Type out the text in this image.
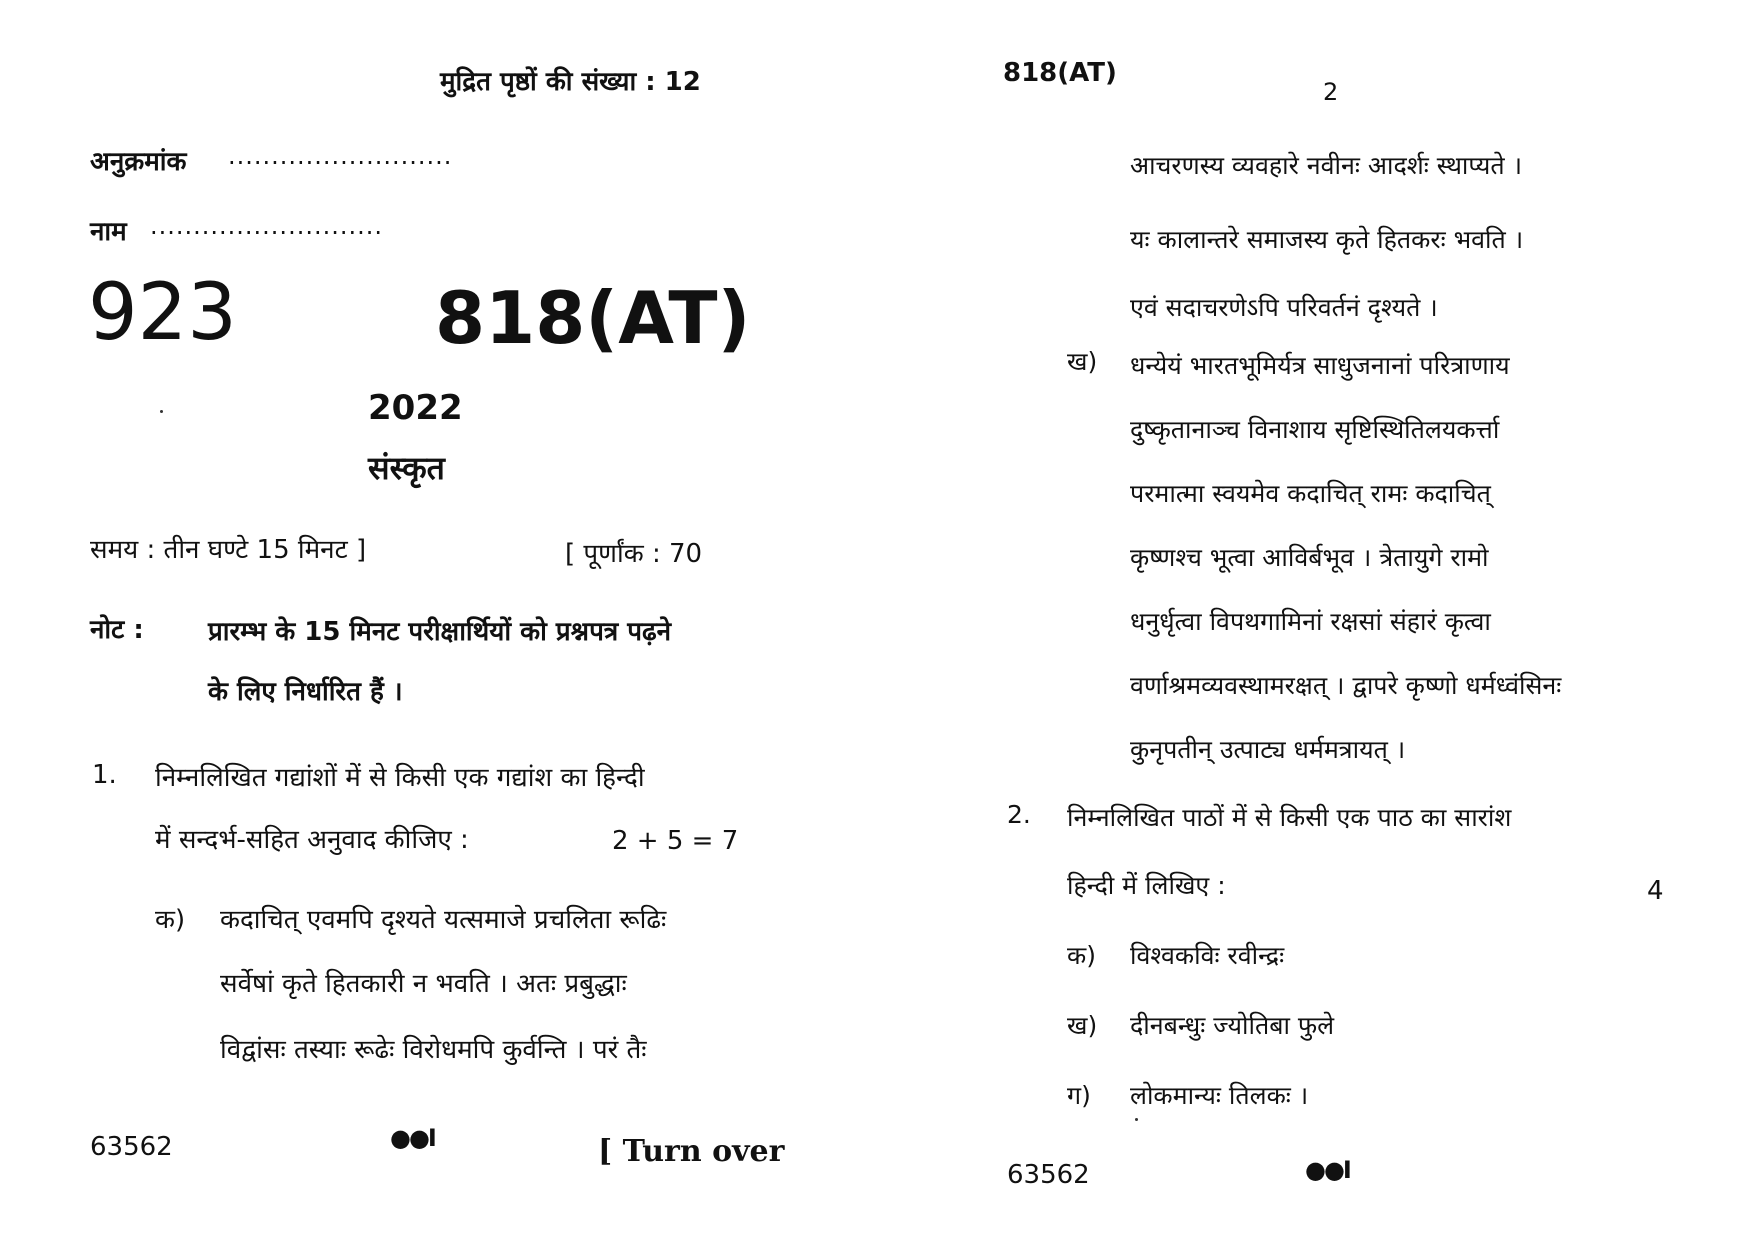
मुद्रित पृष्ठों की संख्या : 12
अनुक्रमांक ..........................
नाम ...........................
923	818(AT)
2022
संस्कृत
समय : तीन घण्टे 15 मिनट ]	[ पूर्णांक : 70
नोट : प्रारम्भ के 15 मिनट परीक्षार्थियों को प्रश्नपत्र पढ़ने
के लिए निर्धारित हैं ।
1. निम्नलिखित गद्यांशों में से किसी एक गद्यांश का हिन्दी
में सन्दर्भ-सहित अनुवाद कीजिए :	2 + 5 = 7
क) कदाचित् एवमपि दृश्यते यत्समाजे प्रचलिता रूढिः
सर्वेषां कृते हितकारी न भवति । अतः प्रबुद्धाः
विद्वांसः तस्याः रूढेः विरोधमपि कुर्वन्ति । परं तैः
63562	●●I	[ Turn over
818(AT)
2
आचरणस्य व्यवहारे नवीनः आदर्शः स्थाप्यते ।
यः कालान्तरे समाजस्य कृते हितकरः भवति ।
एवं सदाचरणेऽपि परिवर्तनं दृश्यते ।
ख) धन्येयं भारतभूमिर्यत्र साधुजनानां परित्राणाय
दुष्कृतानाञ्च विनाशाय सृष्टिस्थितिलयकर्त्ता
परमात्मा स्वयमेव कदाचित् रामः कदाचित्
कृष्णश्च भूत्वा आविर्बभूव । त्रेतायुगे रामो
धनुर्धृत्वा विपथगामिनां रक्षसां संहारं कृत्वा
वर्णाश्रमव्यवस्थामरक्षत् । द्वापरे कृष्णो धर्मध्वंसिनः
कुनृपतीन् उत्पाट्य धर्ममत्रायत् ।
2. निम्नलिखित पाठों में से किसी एक पाठ का सारांश
हिन्दी में लिखिए :	4
क) विश्वकविः रवीन्द्रः
ख) दीनबन्धुः ज्योतिबा फुले
ग) लोकमान्यः तिलकः ।
63562	●●I
